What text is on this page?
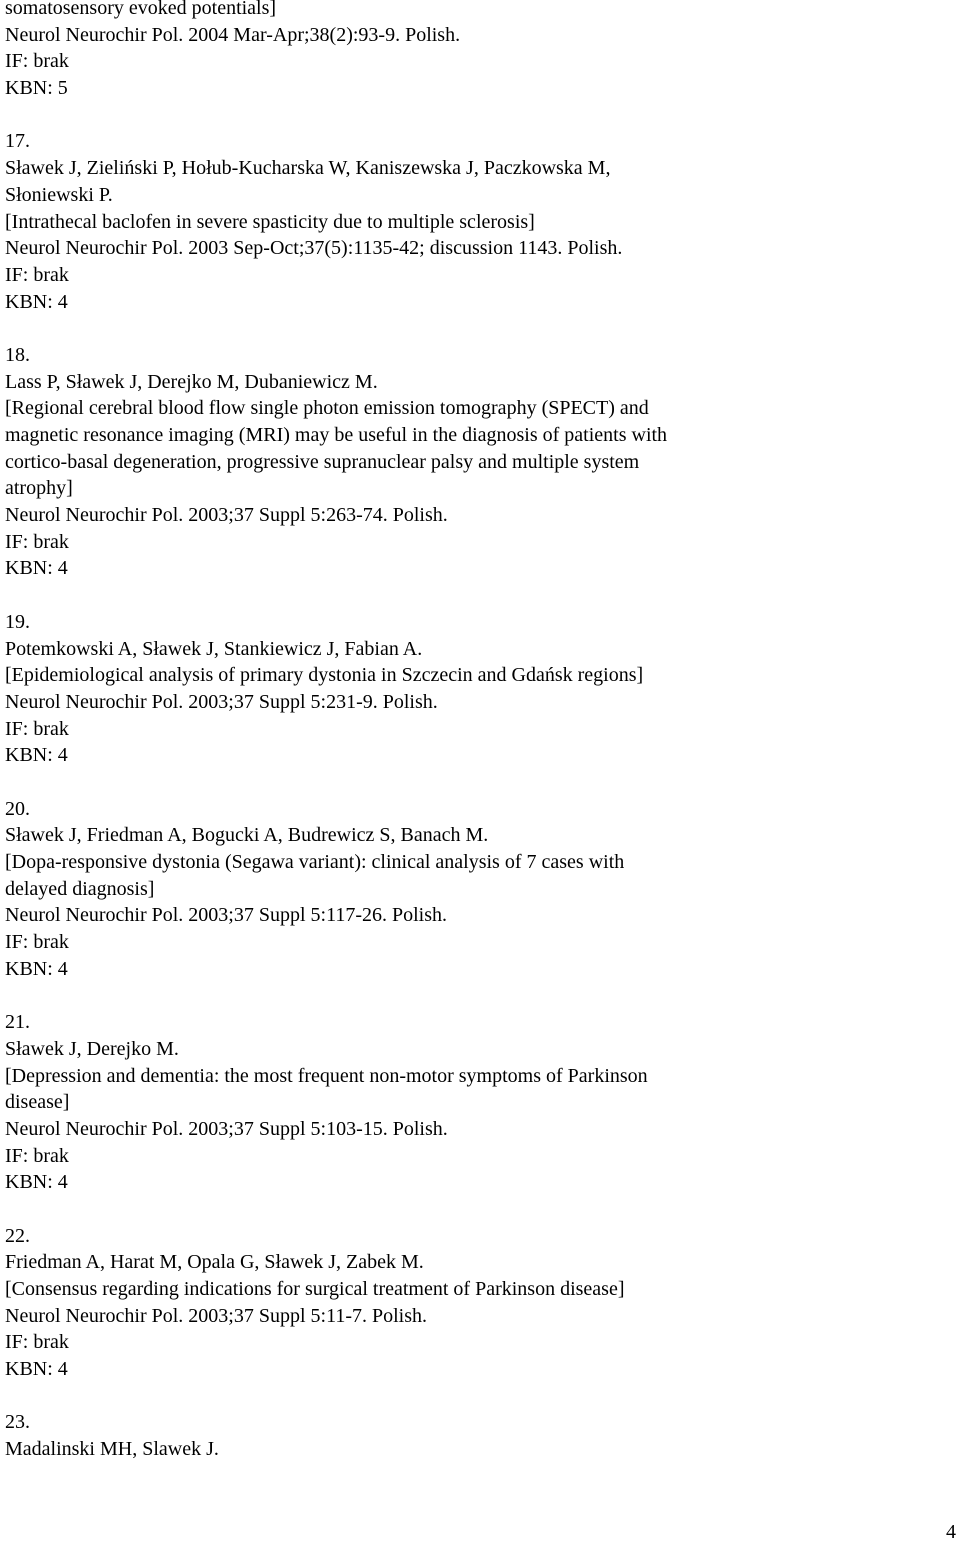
somatosensory evoked potentials]
Neurol Neurochir Pol. 2004 Mar-Apr;38(2):93-9. Polish.
IF: brak
KBN: 5
17.
Sławek J, Zieliński P, Hołub-Kucharska W, Kaniszewska J, Paczkowska M,
Słoniewski P.
[Intrathecal baclofen in severe spasticity due to multiple sclerosis]
Neurol Neurochir Pol. 2003 Sep-Oct;37(5):1135-42; discussion 1143. Polish.
IF: brak
KBN: 4
18.
Lass P, Sławek J, Derejko M, Dubaniewicz M.
[Regional cerebral blood flow single photon emission tomography (SPECT) and
magnetic resonance imaging (MRI) may be useful in the diagnosis of patients with
cortico-basal degeneration, progressive supranuclear palsy and multiple system
atrophy]
Neurol Neurochir Pol. 2003;37 Suppl 5:263-74. Polish.
IF: brak
KBN: 4
19.
Potemkowski A, Sławek J, Stankiewicz J, Fabian A.
[Epidemiological analysis of primary dystonia in Szczecin and Gdańsk regions]
Neurol Neurochir Pol. 2003;37 Suppl 5:231-9. Polish.
IF: brak
KBN: 4
20.
Sławek J, Friedman A, Bogucki A, Budrewicz S, Banach M.
[Dopa-responsive dystonia (Segawa variant): clinical analysis of 7 cases with
delayed diagnosis]
Neurol Neurochir Pol. 2003;37 Suppl 5:117-26. Polish.
IF: brak
KBN: 4
21.
Sławek J, Derejko M.
[Depression and dementia: the most frequent non-motor symptoms of Parkinson
disease]
Neurol Neurochir Pol. 2003;37 Suppl 5:103-15. Polish.
IF: brak
KBN: 4
22.
Friedman A, Harat M, Opala G, Sławek J, Zabek M.
[Consensus regarding indications for surgical treatment of Parkinson disease]
Neurol Neurochir Pol. 2003;37 Suppl 5:11-7. Polish.
IF: brak
KBN: 4
23.
Madalinski MH, Slawek J.
4
